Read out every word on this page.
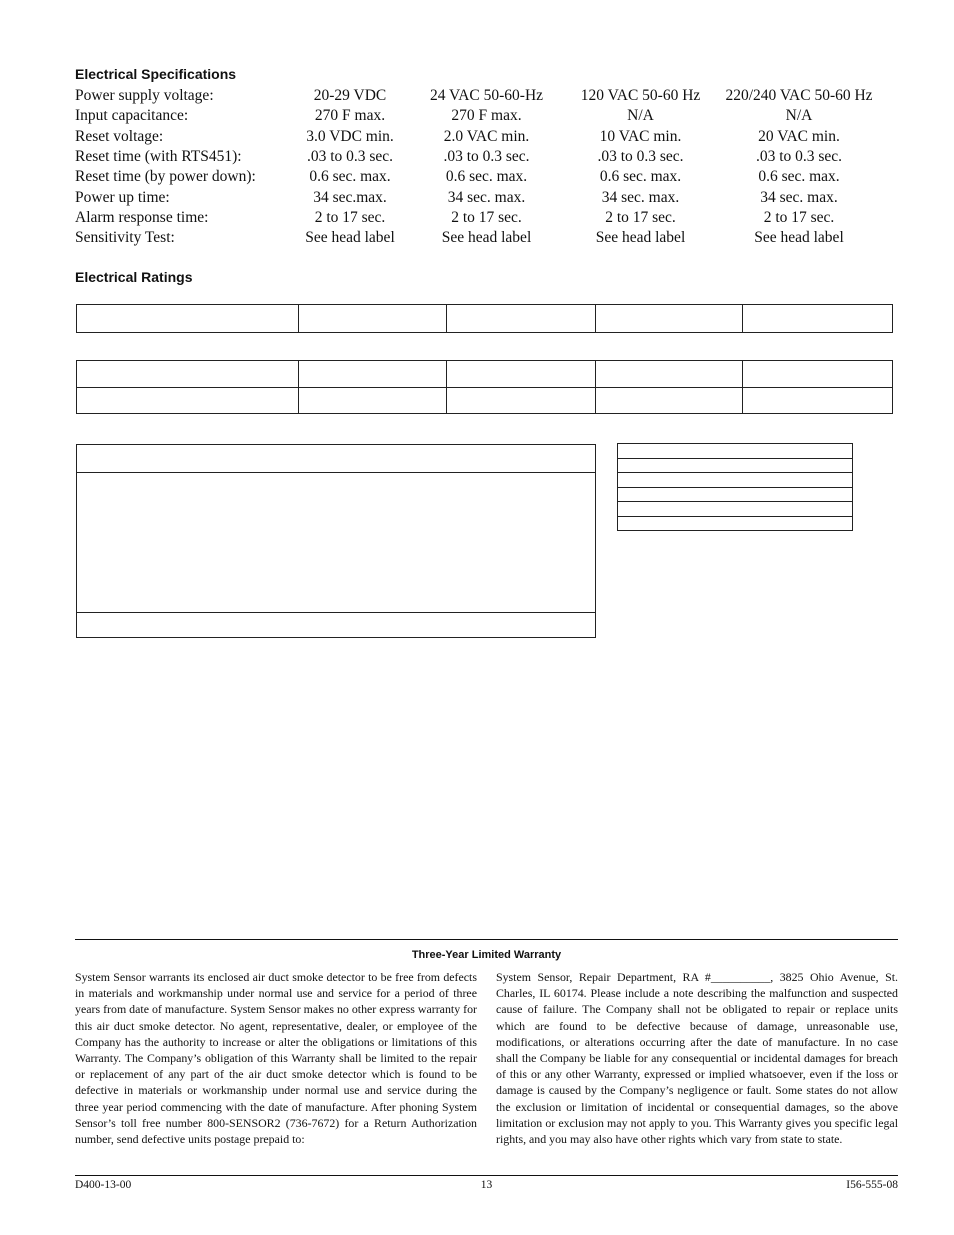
Electrical Specifications
Power supply voltage:	20-29 VDC	24 VAC 50-60-Hz	120 VAC 50-60 Hz	220/240 VAC 50-60 Hz
Input capacitance:	270 F max.	270 F max.	N/A	N/A
Reset voltage:	3.0 VDC min.	2.0 VAC min.	10 VAC min.	20 VAC min.
Reset time (with RTS451):	.03 to 0.3 sec.	.03 to 0.3 sec.	.03 to 0.3 sec.	.03 to 0.3 sec.
Reset time (by power down):	0.6 sec. max.	0.6 sec. max.	0.6 sec. max.	0.6 sec. max.
Power up time:	34 sec.max.	34 sec. max.	34 sec. max.	34 sec. max.
Alarm response time:	2 to 17 sec.	2 to 17 sec.	2 to 17 sec.	2 to 17 sec.
Sensitivity Test:	See head label	See head label	See head label	See head label
Electrical Ratings

Three-Year Limited Warranty
System Sensor warrants its enclosed air duct smoke detector to be free from defects in materials and workmanship under normal use and service for a period of three years from date of manufacture. System Sensor makes no other express warranty for this air duct smoke detector. No agent, representative, dealer, or employee of the Company has the authority to increase or alter the obligations or limitations of this Warranty. The Company’s obligation of this Warranty shall be limited to the repair or replacement of any part of the air duct smoke detector which is found to be defective in materials or workmanship under normal use and service during the three year period commencing with the date of manufacture. After phoning System Sensor’s toll free number 800-SENSOR2 (736-7672) for a Return Authorization number, send defective units postage prepaid to:
System Sensor, Repair Department, RA #__________, 3825 Ohio Avenue, St. Charles, IL 60174. Please include a note describing the malfunction and suspected cause of failure. The Company shall not be obligated to repair or replace units which are found to be defective because of damage, unreasonable use, modifications, or alterations occurring after the date of manufacture. In no case shall the Company be liable for any consequential or incidental damages for breach of this or any other Warranty, expressed or implied whatsoever, even if the loss or damage is caused by the Company’s negligence or fault. Some states do not allow the exclusion or limitation of incidental or consequential damages, so the above limitation or exclusion may not apply to you. This Warranty gives you specific legal rights, and you may also have other rights which vary from state to state.
D400-13-00	13	I56-555-08
